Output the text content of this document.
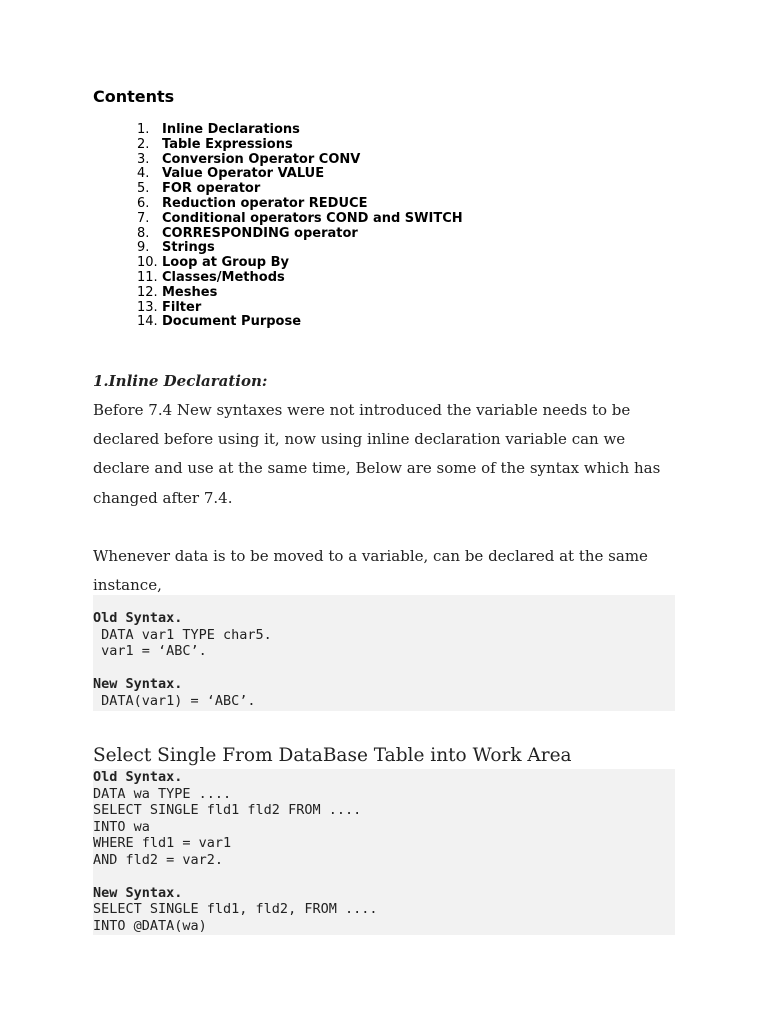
Contents
1. Inline Declarations
2. Table Expressions
3. Conversion Operator CONV
4. Value Operator VALUE
5. FOR operator
6. Reduction operator REDUCE
7. Conditional operators COND and SWITCH
8. CORRESPONDING operator
9. Strings
10. Loop at Group By
11. Classes/Methods
12. Meshes
13. Filter
14. Document Purpose
1.Inline Declaration:

Before 7.4 New syntaxes were not introduced the variable needs to be declared before using it, now using inline declaration variable can we declare and use at the same time, Below are some of the syntax which has changed after 7.4.

Whenever data is to be moved to a variable, can be declared at the same instance,

Old Syntax.
DATA var1 TYPE char5.
var1 = ‘ABC’.
New Syntax.
DATA(var1) = ‘ABC’.
Select Single From DataBase Table into Work Area
Old Syntax.
DATA wa TYPE ....
SELECT SINGLE fld1 fld2 FROM ....
INTO wa
WHERE fld1 = var1
AND fld2 = var2.
New Syntax.
SELECT SINGLE fld1, fld2, FROM ....
INTO @DATA(wa)
